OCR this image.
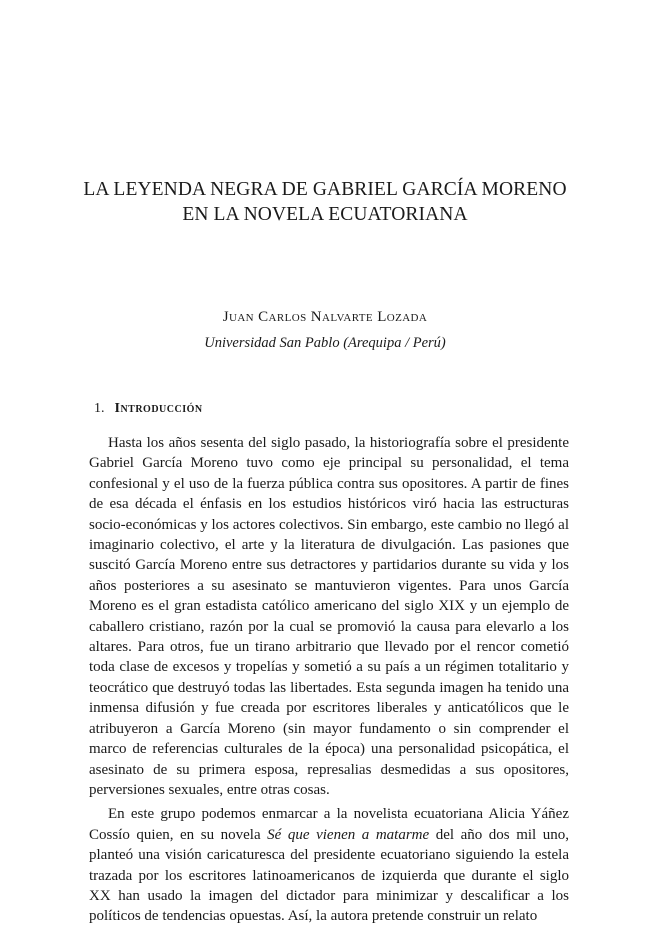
LA LEYENDA NEGRA DE GABRIEL GARCÍA MORENO
EN LA NOVELA ECUATORIANA

Juan Carlos Nalvarte Lozada

Universidad San Pablo (Arequipa / Perú)

1. Introducción

Hasta los años sesenta del siglo pasado, la historiografía sobre el presidente Gabriel García Moreno tuvo como eje principal su personalidad, el tema confesional y el uso de la fuerza pública contra sus opositores. A partir de fines de esa década el énfasis en los estudios históricos viró hacia las estructuras socio-económicas y los actores colectivos. Sin embargo, este cambio no llegó al imaginario colectivo, el arte y la literatura de divulgación. Las pasiones que suscitó García Moreno entre sus detractores y partidarios durante su vida y los años posteriores a su asesinato se mantuvieron vigentes. Para unos García Moreno es el gran estadista católico americano del siglo XIX y un ejemplo de caballero cristiano, razón por la cual se promovió la causa para elevarlo a los altares. Para otros, fue un tirano arbitrario que llevado por el rencor cometió toda clase de excesos y tropelías y sometió a su país a un régimen totalitario y teocrático que destruyó todas las libertades. Esta segunda imagen ha tenido una inmensa difusión y fue creada por escritores liberales y anticatólicos que le atribuyeron a García Moreno (sin mayor fundamento o sin comprender el marco de referencias culturales de la época) una personalidad psicopática, el asesinato de su primera esposa, represalias desmedidas a sus opositores, perversiones sexuales, entre otras cosas.

En este grupo podemos enmarcar a la novelista ecuatoriana Alicia Yáñez Cossío quien, en su novela Sé que vienen a matarme del año dos mil uno, planteó una visión caricaturesca del presidente ecuatoriano siguiendo la estela trazada por los escritores latinoamericanos de izquierda que durante el siglo XX han usado la imagen del dictador para minimizar y descalificar a los políticos de tendencias opuestas. Así, la autora pretende construir un relato
